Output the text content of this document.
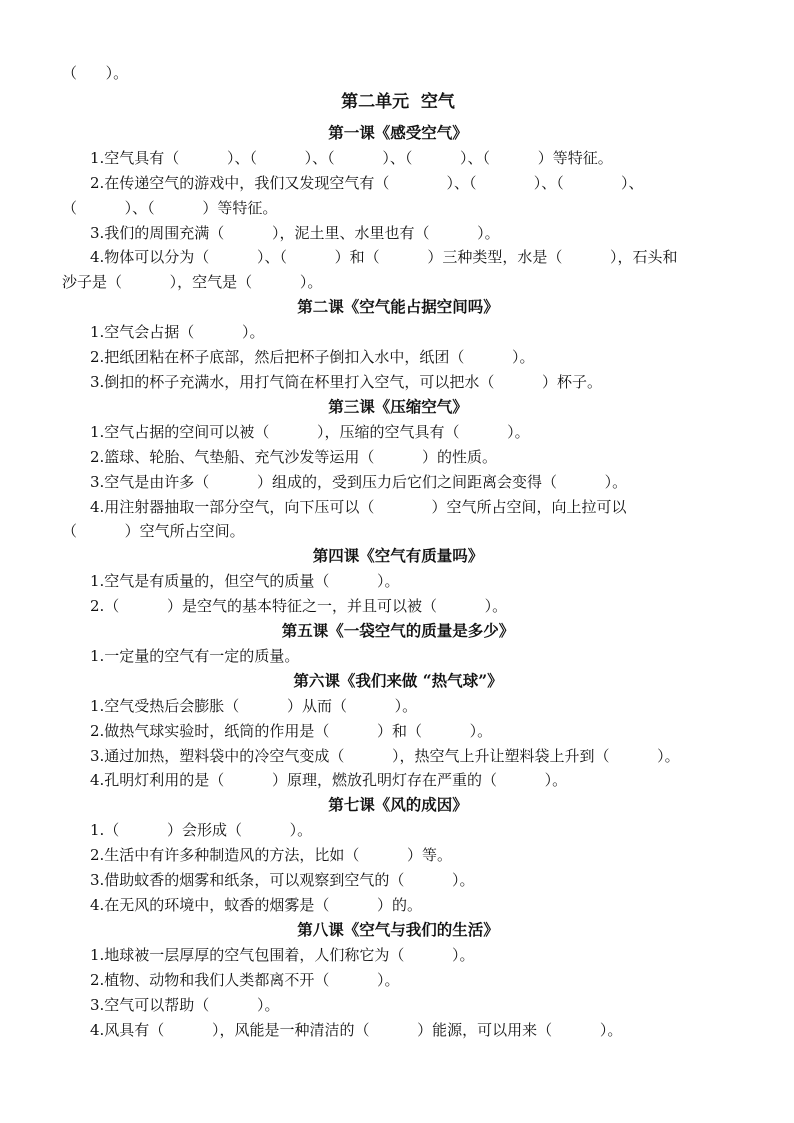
（      ）。
第二单元  空气
第一课《感受空气》
1.空气具有（          ）、（          ）、（          ）、（          ）、（          ）等特征。
2.在传递空气的游戏中，我们又发现空气有（            ）、（            ）、（            ）、
（          ）、（          ）等特征。
3.我们的周围充满（          ），泥土里、水里也有（          ）。
4.物体可以分为（          ）、（          ）和（          ）三种类型，水是（          ），石头和
沙子是（          ），空气是（          ）。
第二课《空气能占据空间吗》
1.空气会占据（          ）。
2.把纸团粘在杯子底部，然后把杯子倒扣入水中，纸团（          ）。
3.倒扣的杯子充满水，用打气筒在杯里打入空气，可以把水（          ）杯子。
第三课《压缩空气》
1.空气占据的空间可以被（          ），压缩的空气具有（          ）。
2.篮球、轮胎、气垫船、充气沙发等运用（          ）的性质。
3.空气是由许多（          ）组成的，受到压力后它们之间距离会变得（          ）。
4.用注射器抽取一部分空气，向下压可以（            ）空气所占空间，向上拉可以
（          ）空气所占空间。
第四课《空气有质量吗》
1.空气是有质量的，但空气的质量（          ）。
2.（          ）是空气的基本特征之一，并且可以被（          ）。
第五课《一袋空气的质量是多少》
1.一定量的空气有一定的质量。
第六课《我们来做 “热气球”》
1.空气受热后会膨胀（          ）从而（          ）。
2.做热气球实验时，纸筒的作用是（          ）和（          ）。
3.通过加热，塑料袋中的冷空气变成（          ），热空气上升让塑料袋上升到（          ）。
4.孔明灯利用的是（          ）原理，燃放孔明灯存在严重的（          ）。
第七课《风的成因》
1.（          ）会形成（          ）。
2.生活中有许多种制造风的方法，比如（          ）等。
3.借助蚊香的烟雾和纸条，可以观察到空气的（          ）。
4.在无风的环境中，蚊香的烟雾是（          ）的。
第八课《空气与我们的生活》
1.地球被一层厚厚的空气包围着，人们称它为（          ）。
2.植物、动物和我们人类都离不开（          ）。
3.空气可以帮助（          ）。
4.风具有（          ），风能是一种清洁的（          ）能源，可以用来（          ）。
